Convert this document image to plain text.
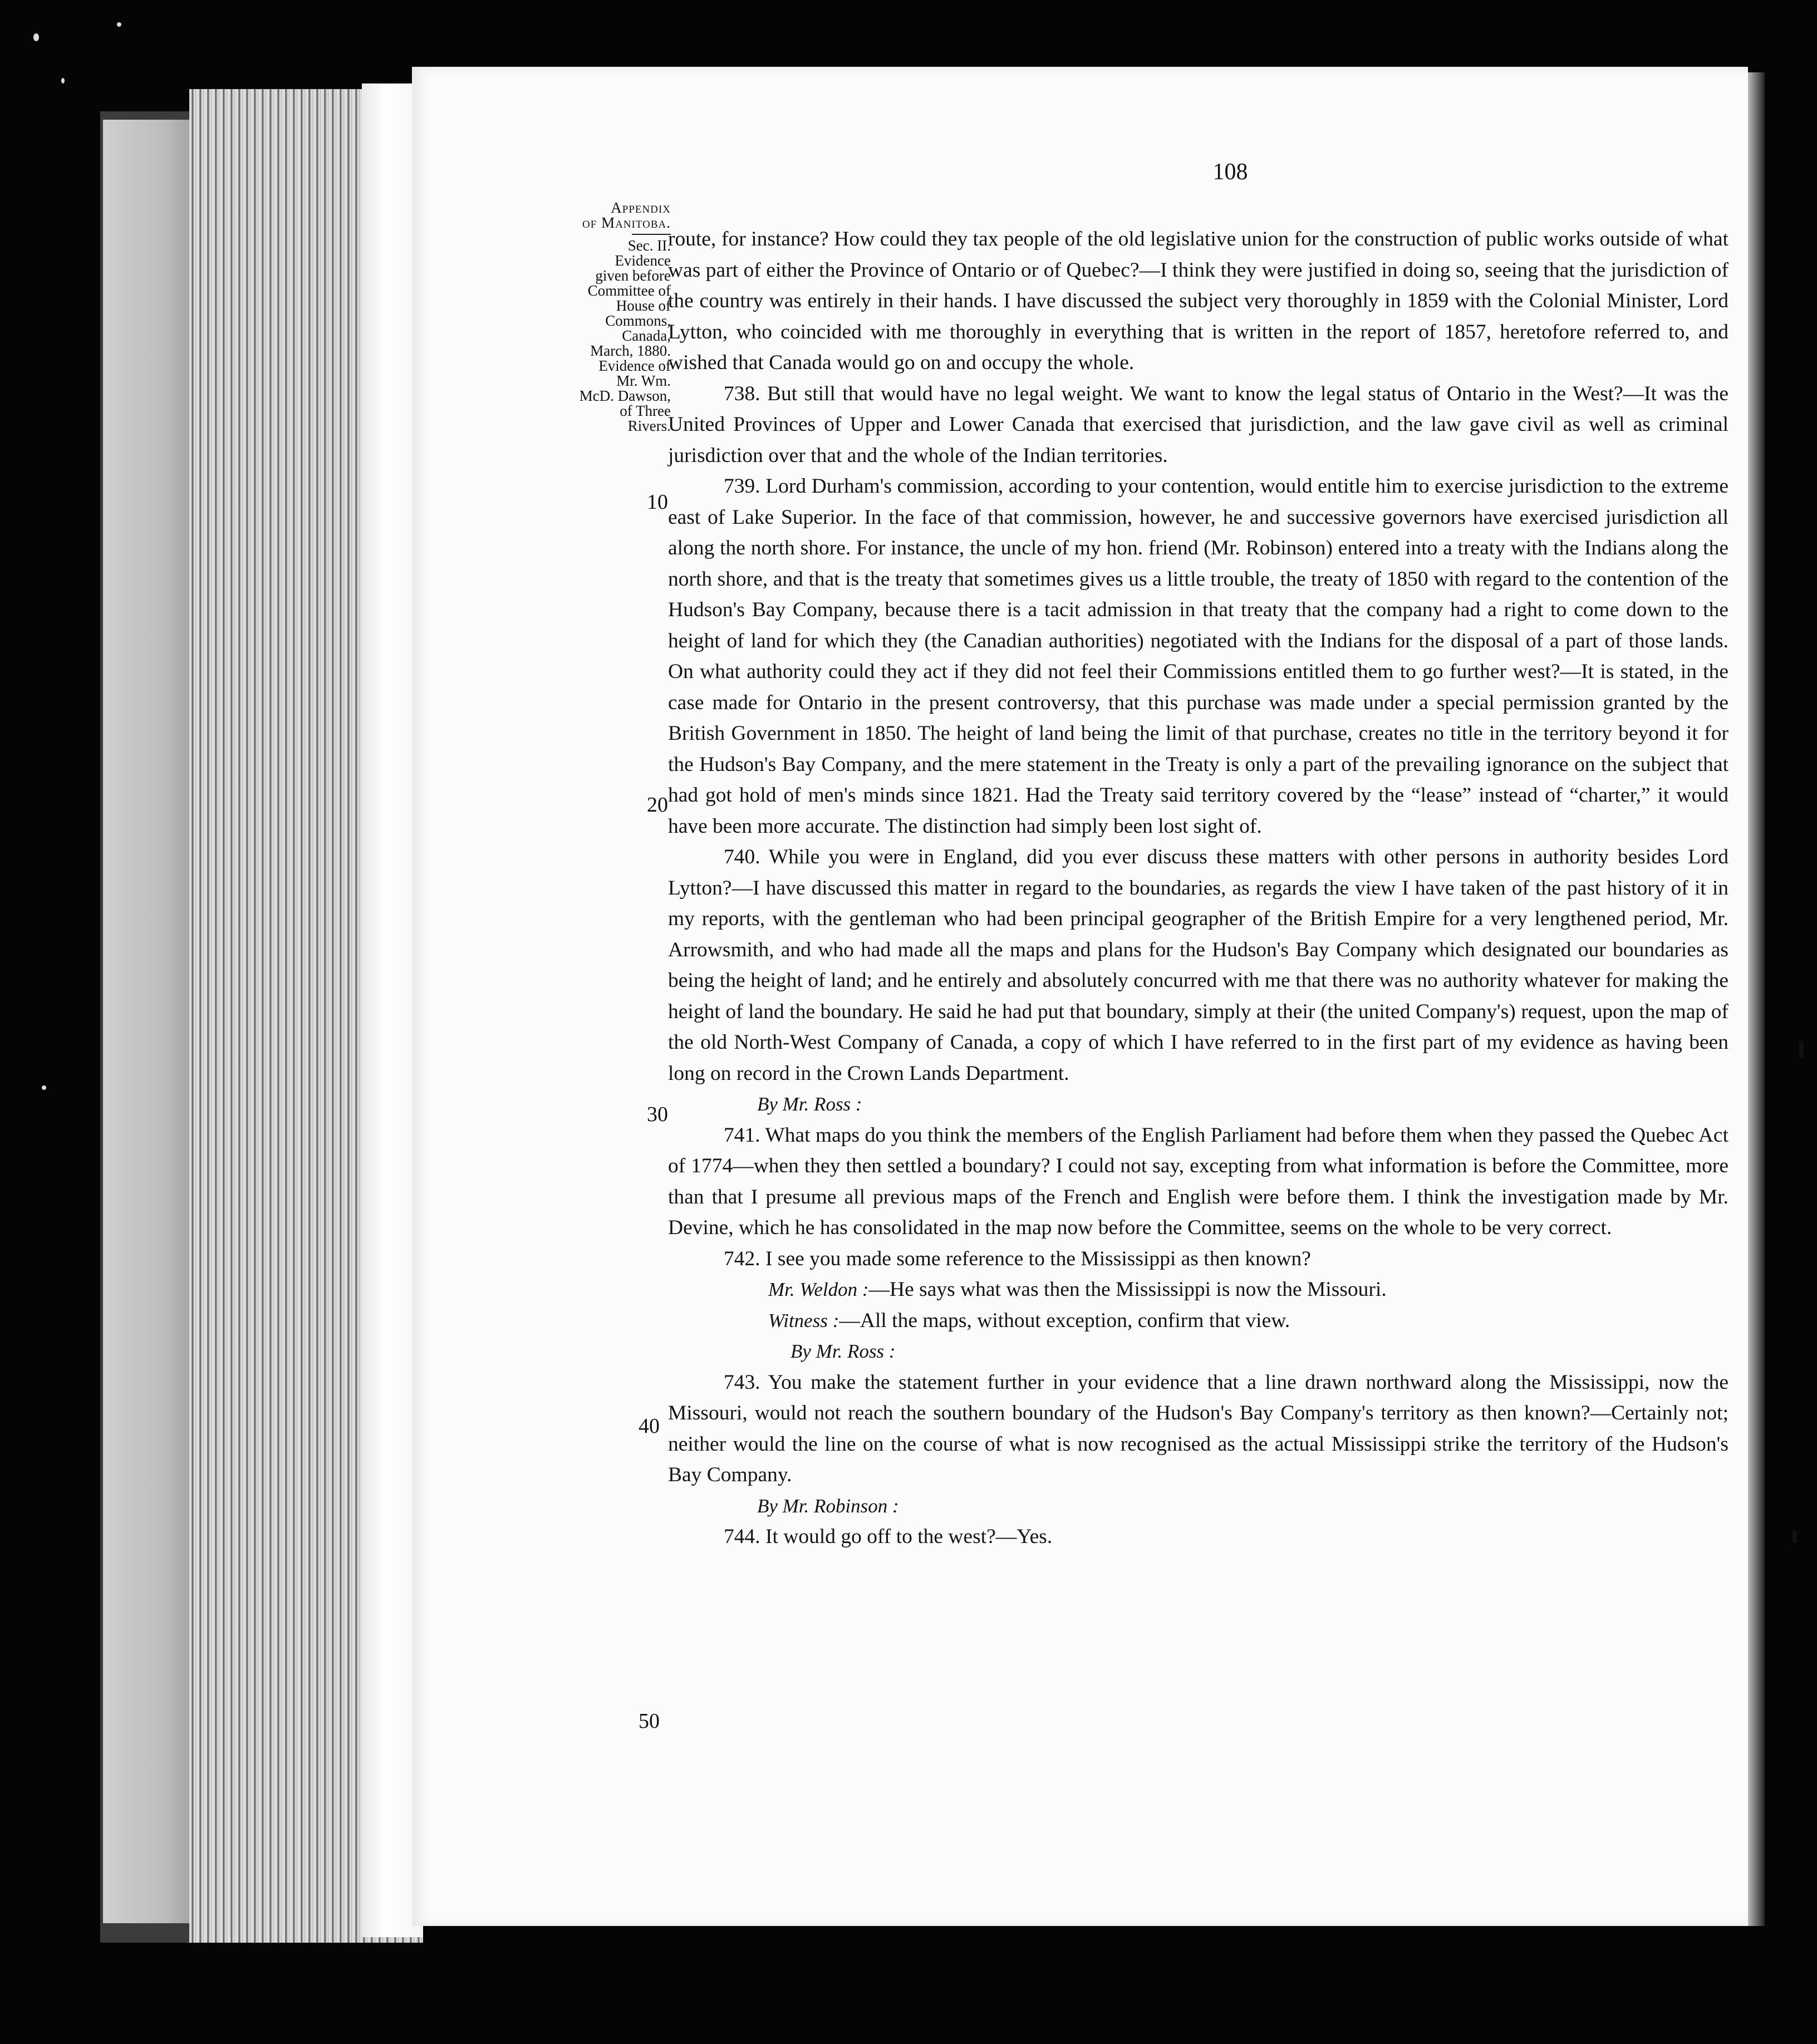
108
Appendix
of Manitoba.
Sec. II.
Evidence
given before
Committee of
House of
Commons,
Canada,
March, 1880.
Evidence of
Mr. Wm.
McD. Dawson,
of Three
Rivers.
10
20
30
40
50

route, for instance? How could they tax people of the old legislative union for the construction of public works outside of what was part of either the Province of Ontario or of Quebec?—I think they were justified in doing so, seeing that the jurisdiction of the country was entirely in their hands. I have discussed the subject very thoroughly in 1859 with the Colonial Minister, Lord Lytton, who coincided with me thoroughly in everything that is written in the report of 1857, heretofore referred to, and wished that Canada would go on and occupy the whole.

738. But still that would have no legal weight. We want to know the legal status of Ontario in the West?—It was the United Provinces of Upper and Lower Canada that exercised that jurisdiction, and the law gave civil as well as criminal jurisdiction over that and the whole of the Indian territories.

739. Lord Durham's commission, according to your contention, would entitle him to exercise jurisdiction to the extreme east of Lake Superior. In the face of that commission, however, he and successive governors have exercised jurisdiction all along the north shore. For instance, the uncle of my hon. friend (Mr. Robinson) entered into a treaty with the Indians along the north shore, and that is the treaty that sometimes gives us a little trouble, the treaty of 1850 with regard to the contention of the Hudson's Bay Company, because there is a tacit admission in that treaty that the company had a right to come down to the height of land for which they (the Canadian authorities) negotiated with the Indians for the disposal of a part of those lands. On what authority could they act if they did not feel their Commissions entitled them to go further west?—It is stated, in the case made for Ontario in the present controversy, that this purchase was made under a special permission granted by the British Government in 1850. The height of land being the limit of that purchase, creates no title in the territory beyond it for the Hudson's Bay Company, and the mere statement in the Treaty is only a part of the prevailing ignorance on the subject that had got hold of men's minds since 1821. Had the Treaty said territory covered by the “lease” instead of “charter,” it would have been more accurate. The distinction had simply been lost sight of.

740. While you were in England, did you ever discuss these matters with other persons in authority besides Lord Lytton?—I have discussed this matter in regard to the boundaries, as regards the view I have taken of the past history of it in my reports, with the gentleman who had been principal geographer of the British Empire for a very lengthened period, Mr. Arrowsmith, and who had made all the maps and plans for the Hudson's Bay Company which designated our boundaries as being the height of land; and he entirely and absolutely concurred with me that there was no authority whatever for making the height of land the boundary. He said he had put that boundary, simply at their (the united Company's) request, upon the map of the old North-West Company of Canada, a copy of which I have referred to in the first part of my evidence as having been long on record in the Crown Lands Department.

By Mr. Ross :

741. What maps do you think the members of the English Parliament had before them when they passed the Quebec Act of 1774—when they then settled a boundary? I could not say, excepting from what information is before the Committee, more than that I presume all previous maps of the French and English were before them. I think the investigation made by Mr. Devine, which he has consolidated in the map now before the Committee, seems on the whole to be very correct.

742. I see you made some reference to the Mississippi as then known?

Mr. Weldon :—He says what was then the Mississippi is now the Missouri.

Witness :—All the maps, without exception, confirm that view.

By Mr. Ross :

743. You make the statement further in your evidence that a line drawn northward along the Mississippi, now the Missouri, would not reach the southern boundary of the Hudson's Bay Company's territory as then known?—Certainly not; neither would the line on the course of what is now recognised as the actual Mississippi strike the territory of the Hudson's Bay Company.

By Mr. Robinson :

744. It would go off to the west?—Yes.
